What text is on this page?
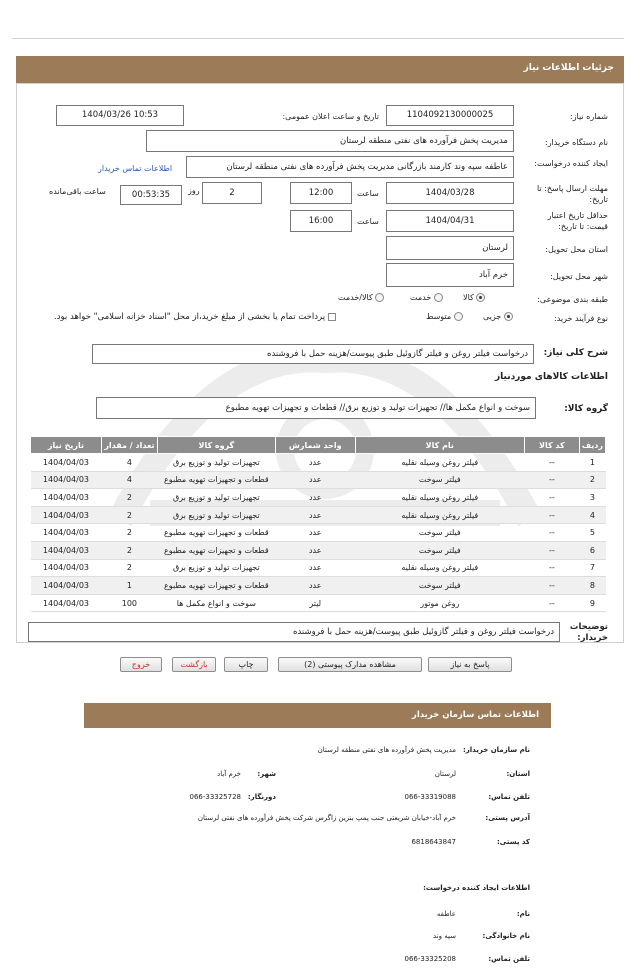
جزئیات اطلاعات نیاز
شماره نیاز:
1104092130000025
تاریخ و ساعت اعلان عمومی:
1404/03/26 10:53
نام دستگاه خریدار:
مدیریت پخش فرآورده های نفتی منطقه لرستان
ایجاد کننده درخواست:
عاطفه سپه وند کارمند بازرگانی مدیریت پخش فرآورده های نفتی منطقه لرستان
اطلاعات تماس خریدار
مهلت ارسال پاسخ: تا تاریخ:
1404/03/28
ساعت
12:00
2
روز
00:53:35
ساعت باقی‌مانده
حداقل تاریخ اعتبار قیمت: تا تاریخ:
1404/04/31
ساعت
16:00
استان محل تحویل:
لرستان
شهر محل تحویل:
خرم آباد
طبقه بندی موضوعی:
کالا
خدمت
کالا/خدمت
نوع فرآیند خرید:
جزیی
متوسط
پرداخت تمام یا بخشی از مبلغ خرید،از محل "اسناد خزانه اسلامی" خواهد بود.
شرح کلی نیاز:
درخواست فیلتر روغن و فیلتر گازوئیل طبق پیوست/هزینه حمل با فروشنده
اطلاعات کالاهای موردنیاز
گروه کالا:
سوخت و انواع مکمل ها// تجهیزات تولید و توزیع برق// قطعات و تجهیزات تهویه مطبوع
ردیف	کد کالا	نام کالا	واحد شمارش	گروه کالا	تعداد / مقدار	تاریخ نیاز
1	--	فیلتر روغن وسیله نقلیه	عدد	تجهیزات تولید و توزیع برق	4	1404/04/03
2	--	فیلتر سوخت	عدد	قطعات و تجهیزات تهویه مطبوع	4	1404/04/03
3	--	فیلتر روغن وسیله نقلیه	عدد	تجهیزات تولید و توزیع برق	2	1404/04/03
4	--	فیلتر روغن وسیله نقلیه	عدد	تجهیزات تولید و توزیع برق	2	1404/04/03
5	--	فیلتر سوخت	عدد	قطعات و تجهیزات تهویه مطبوع	2	1404/04/03
6	--	فیلتر سوخت	عدد	قطعات و تجهیزات تهویه مطبوع	2	1404/04/03
7	--	فیلتر روغن وسیله نقلیه	عدد	تجهیزات تولید و توزیع برق	2	1404/04/03
8	--	فیلتر سوخت	عدد	قطعات و تجهیزات تهویه مطبوع	1	1404/04/03
9	--	روغن موتور	لیتر	سوخت و انواع مکمل ها	100	1404/04/03
توضیحات خریدار:
درخواست فیلتر روغن و فیلتر گازوئیل طبق پیوست/هزینه حمل با فروشنده
پاسخ به نیاز
مشاهده مدارک پیوستی (2)
چاپ
بازگشت
خروج
اطلاعات تماس سازمان خریدار
نام سازمان خریدار:
مدیریت پخش فرآورده های نفتی منطقه لرستان
استان:
لرستان
شهر:
خرم آباد
تلفن تماس:
066-33319088
دورنگار:
066-33325728
آدرس پستی:
خرم آباد-خیابان شریعتی جنب پمپ بنزین زاگرس شرکت پخش فرآورده های نفتی لرستان
کد پستی:
6818643847
اطلاعات ایجاد کننده درخواست:
نام:
عاطفه
نام خانوادگی:
سپه وند
تلفن تماس:
066-33325208
